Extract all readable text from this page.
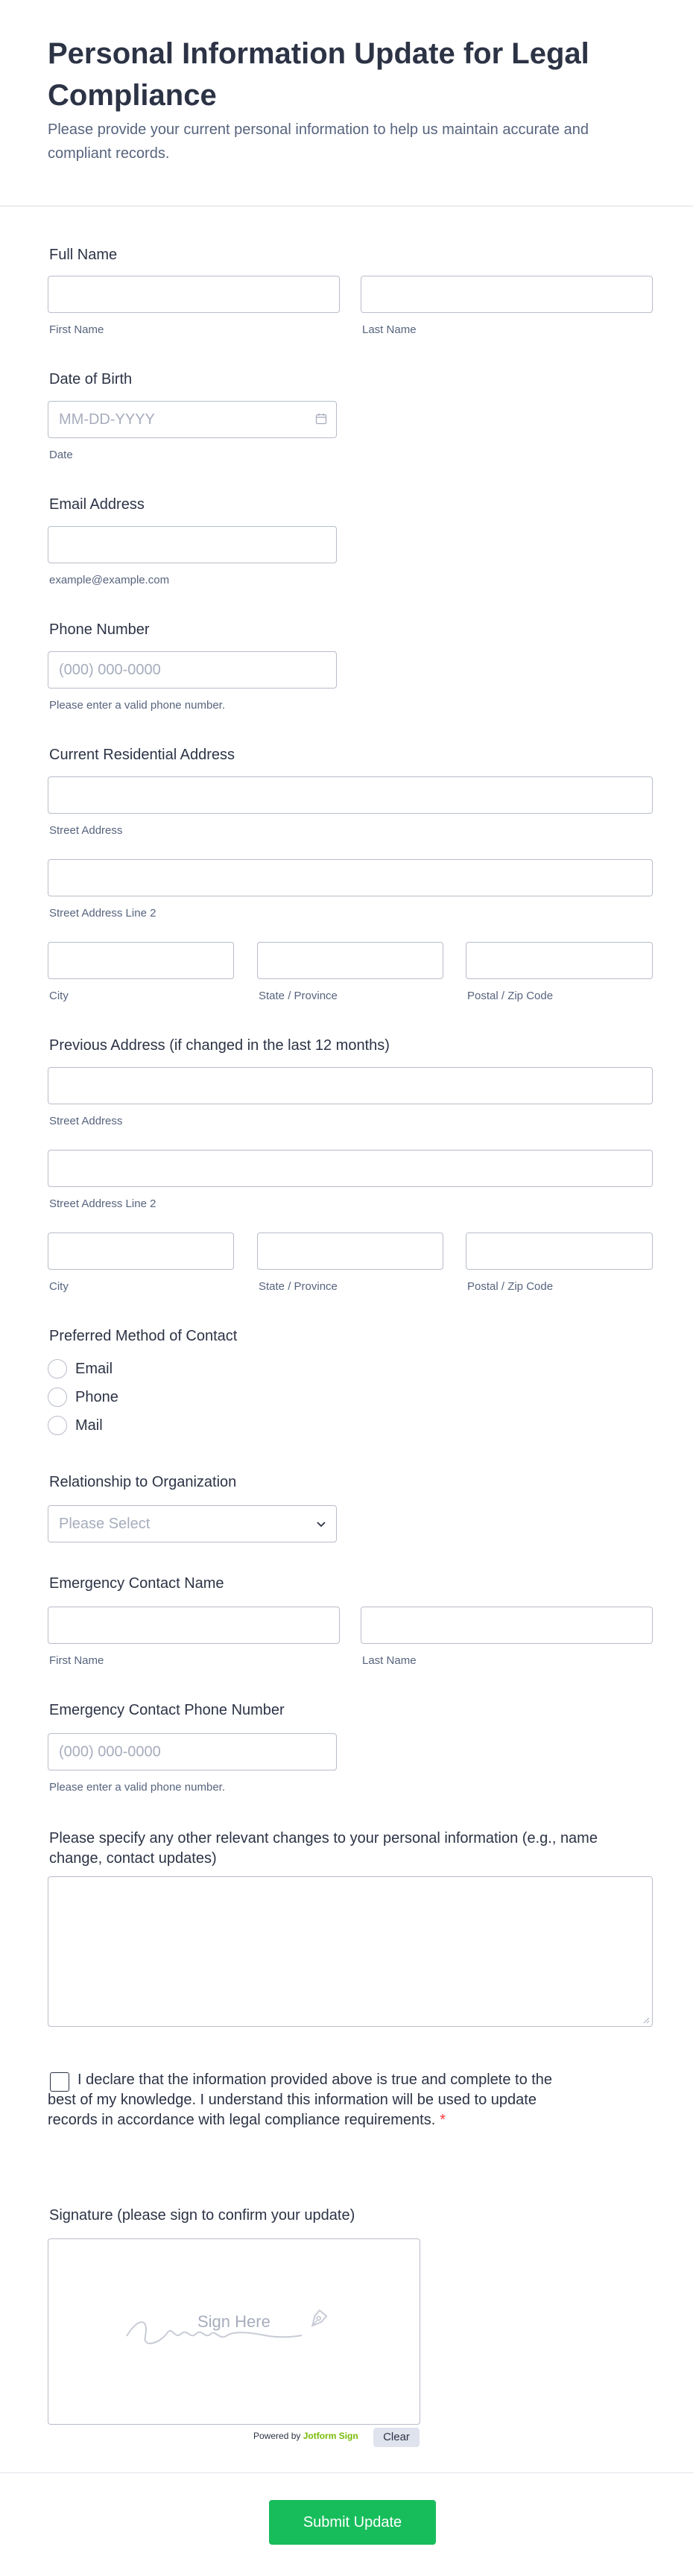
Personal Information Update for Legal Compliance

Please provide your current personal information to help us maintain accurate and compliant records.

Full Name
First Name	Last Name
Date of Birth
MM-DD-YYYY
Date
Email Address
example@example.com
Phone Number
(000) 000-0000
Please enter a valid phone number.
Current Residential Address
Street Address
Street Address Line 2
City	State / Province	Postal / Zip Code
Previous Address (if changed in the last 12 months)
Street Address
Street Address Line 2
City	State / Province	Postal / Zip Code
Preferred Method of Contact
Email
Phone
Mail
Relationship to Organization
Please Select
Emergency Contact Name
First Name	Last Name
Emergency Contact Phone Number
(000) 000-0000
Please enter a valid phone number.
Please specify any other relevant changes to your personal information (e.g., name change, contact updates)
I declare that the information provided above is true and complete to the best of my knowledge. I understand this information will be used to update records in accordance with legal compliance requirements. *
Signature (please sign to confirm your update)
Sign Here
Powered by Jotform Sign	Clear
Submit Update
